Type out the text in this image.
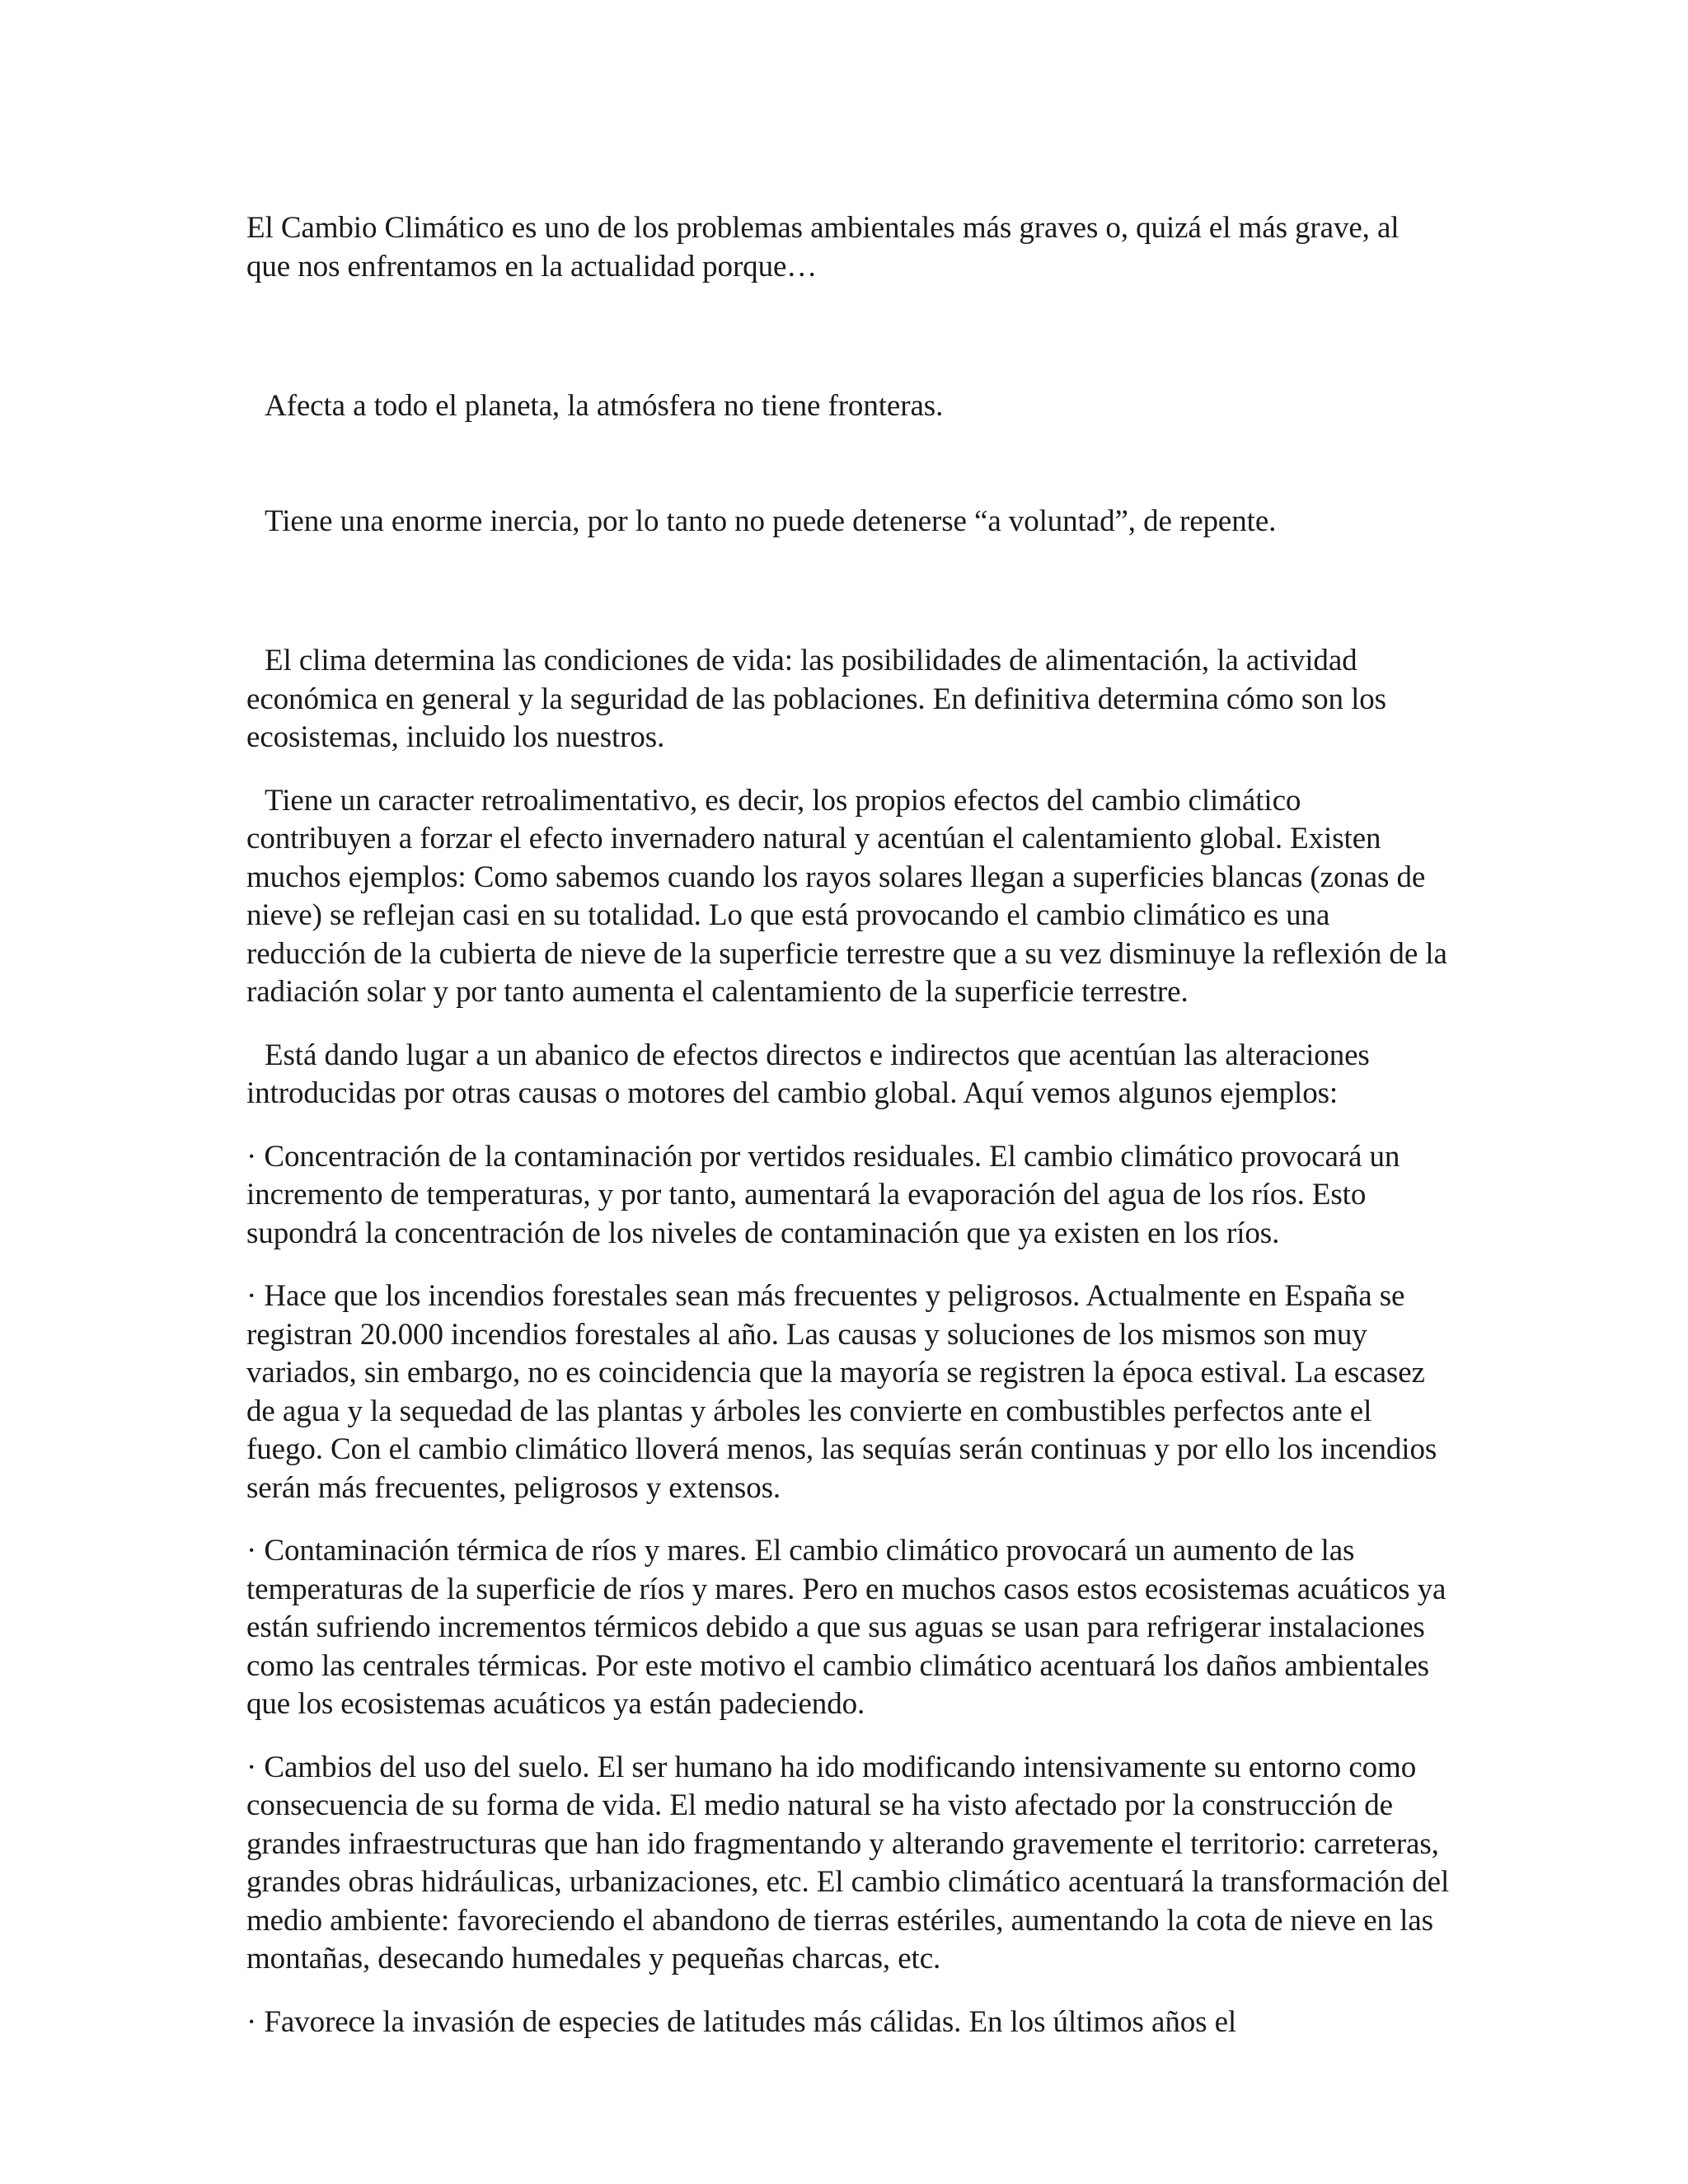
El Cambio Climático es uno de los problemas ambientales más graves o, quizá el más grave, al que nos enfrentamos en la actualidad porque…

Afecta a todo el planeta, la atmósfera no tiene fronteras.

Tiene una enorme inercia, por lo tanto no puede detenerse “a voluntad”, de repente.

El clima determina las condiciones de vida: las posibilidades de alimentación, la actividad económica en general y la seguridad de las poblaciones. En definitiva determina cómo son los ecosistemas, incluido los nuestros.

Tiene un caracter retroalimentativo, es decir, los propios efectos del cambio climático contribuyen a forzar el efecto invernadero natural y acentúan el calentamiento global. Existen muchos ejemplos: Como sabemos cuando los rayos solares llegan a superficies blancas (zonas de nieve) se reflejan casi en su totalidad. Lo que está provocando el cambio climático es una reducción de la cubierta de nieve de la superficie terrestre que a su vez disminuye la reflexión de la radiación solar y por tanto aumenta el calentamiento de la superficie terrestre.

Está dando lugar a un abanico de efectos directos e indirectos que acentúan las alteraciones introducidas por otras causas o motores del cambio global. Aquí vemos algunos ejemplos:

· Concentración de la contaminación por vertidos residuales. El cambio climático provocará un incremento de temperaturas, y por tanto, aumentará la evaporación del agua de los ríos. Esto supondrá la concentración de los niveles de contaminación que ya existen en los ríos.

· Hace que los incendios forestales sean más frecuentes y peligrosos. Actualmente en España se registran 20.000 incendios forestales al año. Las causas y soluciones de los mismos son muy variados, sin embargo, no es coincidencia que la mayoría se registren la época estival. La escasez de agua y la sequedad de las plantas y árboles les convierte en combustibles perfectos ante el fuego. Con el cambio climático lloverá menos, las sequías serán continuas y por ello los incendios serán más frecuentes, peligrosos y extensos.

· Contaminación térmica de ríos y mares. El cambio climático provocará un aumento de las temperaturas de la superficie de ríos y mares. Pero en muchos casos estos ecosistemas acuáticos ya están sufriendo incrementos térmicos debido a que sus aguas se usan para refrigerar instalaciones como las centrales térmicas. Por este motivo el cambio climático acentuará los daños ambientales que los ecosistemas acuáticos ya están padeciendo.

· Cambios del uso del suelo. El ser humano ha ido modificando intensivamente su entorno como consecuencia de su forma de vida. El medio natural se ha visto afectado por la construcción de grandes infraestructuras que han ido fragmentando y alterando gravemente el territorio: carreteras, grandes obras hidráulicas, urbanizaciones, etc. El cambio climático acentuará la transformación del medio ambiente: favoreciendo el abandono de tierras estériles, aumentando la cota de nieve en las montañas, desecando humedales y pequeñas charcas, etc.

· Favorece la invasión de especies de latitudes más cálidas. En los últimos años el
